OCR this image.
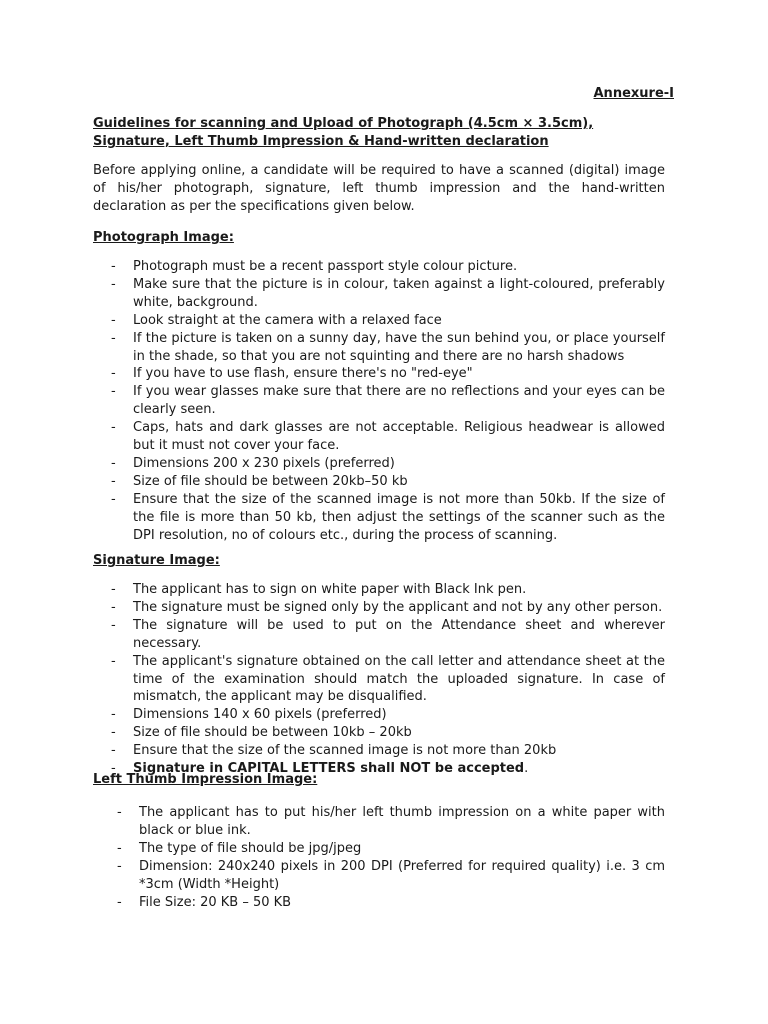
Annexure-I
Guidelines for scanning and Upload of Photograph (4.5cm × 3.5cm), Signature, Left Thumb Impression & Hand-written declaration
Before applying online, a candidate will be required to have a scanned (digital) image of his/her photograph, signature, left thumb impression and the hand-written declaration as per the specifications given below.
Photograph Image:
- Photograph must be a recent passport style colour picture.
- Make sure that the picture is in colour, taken against a light-coloured, preferably white, background.
- Look straight at the camera with a relaxed face
- If the picture is taken on a sunny day, have the sun behind you, or place yourself in the shade, so that you are not squinting and there are no harsh shadows
- If you have to use flash, ensure there's no "red-eye"
- If you wear glasses make sure that there are no reflections and your eyes can be clearly seen.
- Caps, hats and dark glasses are not acceptable. Religious headwear is allowed but it must not cover your face.
- Dimensions 200 x 230 pixels (preferred)
- Size of file should be between 20kb–50 kb
- Ensure that the size of the scanned image is not more than 50kb. If the size of the file is more than 50 kb, then adjust the settings of the scanner such as the DPI resolution, no of colours etc., during the process of scanning.
Signature Image:
- The applicant has to sign on white paper with Black Ink pen.
- The signature must be signed only by the applicant and not by any other person.
- The signature will be used to put on the Attendance sheet and wherever necessary.
- The applicant's signature obtained on the call letter and attendance sheet at the time of the examination should match the uploaded signature. In case of mismatch, the applicant may be disqualified.
- Dimensions 140 x 60 pixels (preferred)
- Size of file should be between 10kb – 20kb
- Ensure that the size of the scanned image is not more than 20kb
- Signature in CAPITAL LETTERS shall NOT be accepted.
Left Thumb Impression Image:
- The applicant has to put his/her left thumb impression on a white paper with black or blue ink.
- The type of file should be jpg/jpeg
- Dimension: 240x240 pixels in 200 DPI (Preferred for required quality) i.e. 3 cm *3cm (Width *Height)
- File Size: 20 KB – 50 KB
